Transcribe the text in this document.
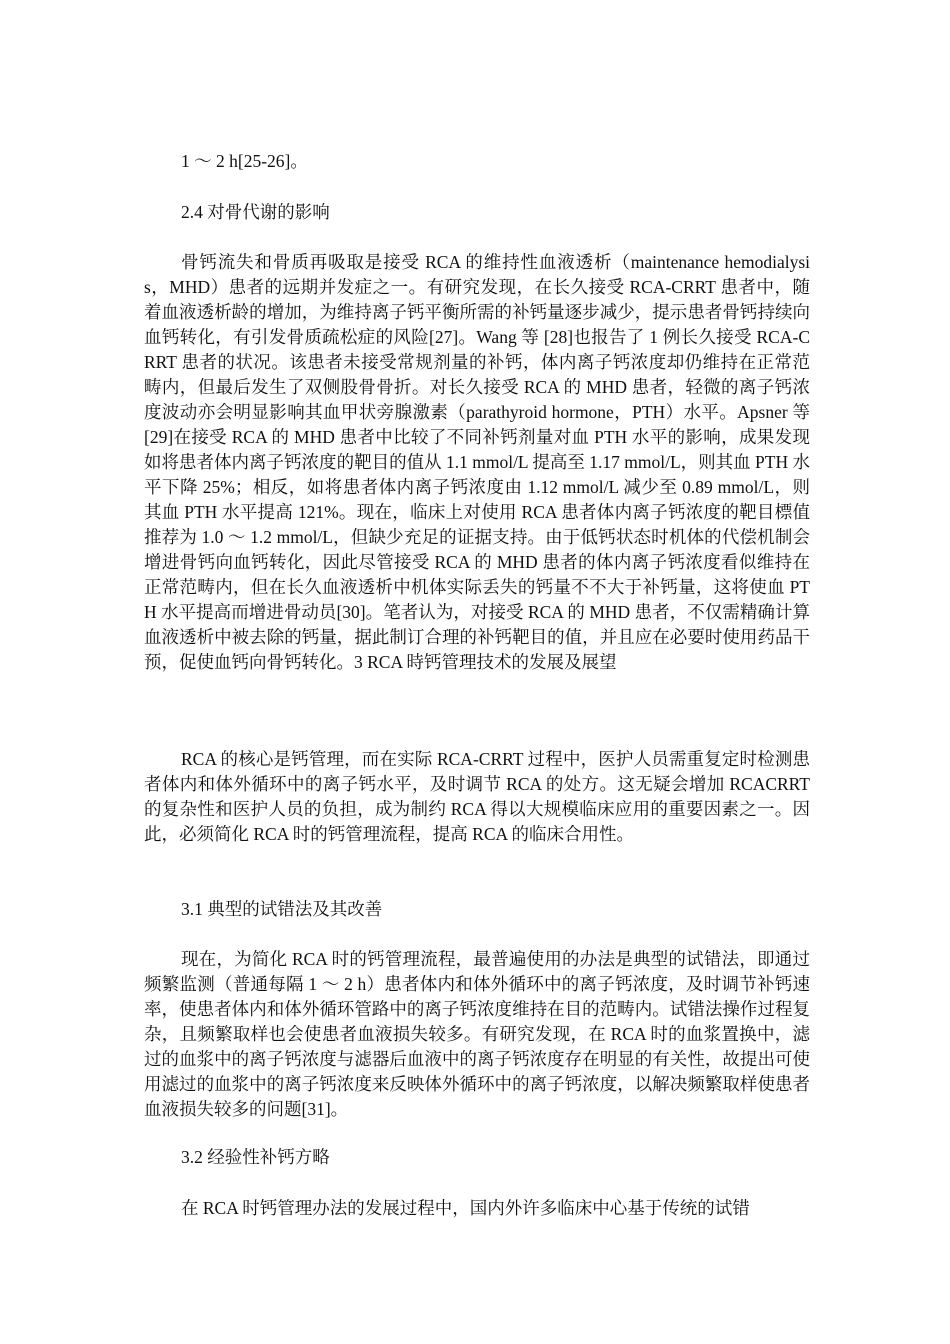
1 ～ 2 h[25-26]。

2.4 对骨代谢的影响

骨钙流失和骨质再吸取是接受 RCA 的维持性血液透析（maintenance hemodialysis，MHD）患者的远期并发症之一。有研究发现，在长久接受 RCA-CRRT 患者中，随着血液透析龄的增加，为维持离子钙平衡所需的补钙量逐步减少，提示患者骨钙持续向血钙转化，有引发骨质疏松症的风险[27]。Wang 等 [28]也报告了 1 例长久接受 RCA-CRRT 患者的状况。该患者未接受常规剂量的补钙，体内离子钙浓度却仍维持在正常范畴内，但最后发生了双侧股骨骨折。对长久接受 RCA 的 MHD 患者，轻微的离子钙浓度波动亦会明显影响其血甲状旁腺激素（parathyroid hormone，PTH）水平。Apsner 等[29]在接受 RCA 的 MHD 患者中比较了不同补钙剂量对血 PTH 水平的影响，成果发现如将患者体内离子钙浓度的靶目的值从 1.1 mmol/L 提高至 1.17 mmol/L，则其血 PTH 水平下降 25%；相反，如将患者体内离子钙浓度由 1.12 mmol/L 减少至 0.89 mmol/L，则其血 PTH 水平提高 121%。现在，临床上对使用 RCA 患者体内离子钙浓度的靶目標值推荐为 1.0 ～ 1.2 mmol/L，但缺少充足的证据支持。由于低钙状态时机体的代偿机制会增进骨钙向血钙转化，因此尽管接受 RCA 的 MHD 患者的体内离子钙浓度看似维持在正常范畴内，但在长久血液透析中机体实际丢失的钙量不不大于补钙量，这将使血 PTH 水平提高而增进骨动员[30]。笔者认为，对接受 RCA 的 MHD 患者，不仅需精确计算血液透析中被去除的钙量，据此制订合理的补钙靶目的值，并且应在必要时使用药品干预，促使血钙向骨钙转化。3 RCA 時钙管理技术的发展及展望

RCA 的核心是钙管理，而在实际 RCA-CRRT 过程中，医护人员需重复定时检测患者体内和体外循环中的离子钙水平，及时调节 RCA 的处方。这无疑会增加 RCACRRT 的复杂性和医护人员的负担，成为制约 RCA 得以大规模临床应用的重要因素之一。因此，必须简化 RCA 时的钙管理流程，提高 RCA 的临床合用性。

3.1 典型的试错法及其改善

现在，为简化 RCA 时的钙管理流程，最普遍使用的办法是典型的试错法，即通过频繁监测（普通每隔 1 ～ 2 h）患者体内和体外循环中的离子钙浓度，及时调节补钙速率，使患者体内和体外循环管路中的离子钙浓度维持在目的范畴内。试错法操作过程复杂，且频繁取样也会使患者血液损失较多。有研究发现，在 RCA 时的血浆置换中，滤过的血浆中的离子钙浓度与滤器后血液中的离子钙浓度存在明显的有关性，故提出可使用滤过的血浆中的离子钙浓度来反映体外循环中的离子钙浓度，以解决频繁取样使患者血液损失较多的问题[31]。

3.2 经验性补钙方略

在 RCA 时钙管理办法的发展过程中，国内外许多临床中心基于传统的试错
